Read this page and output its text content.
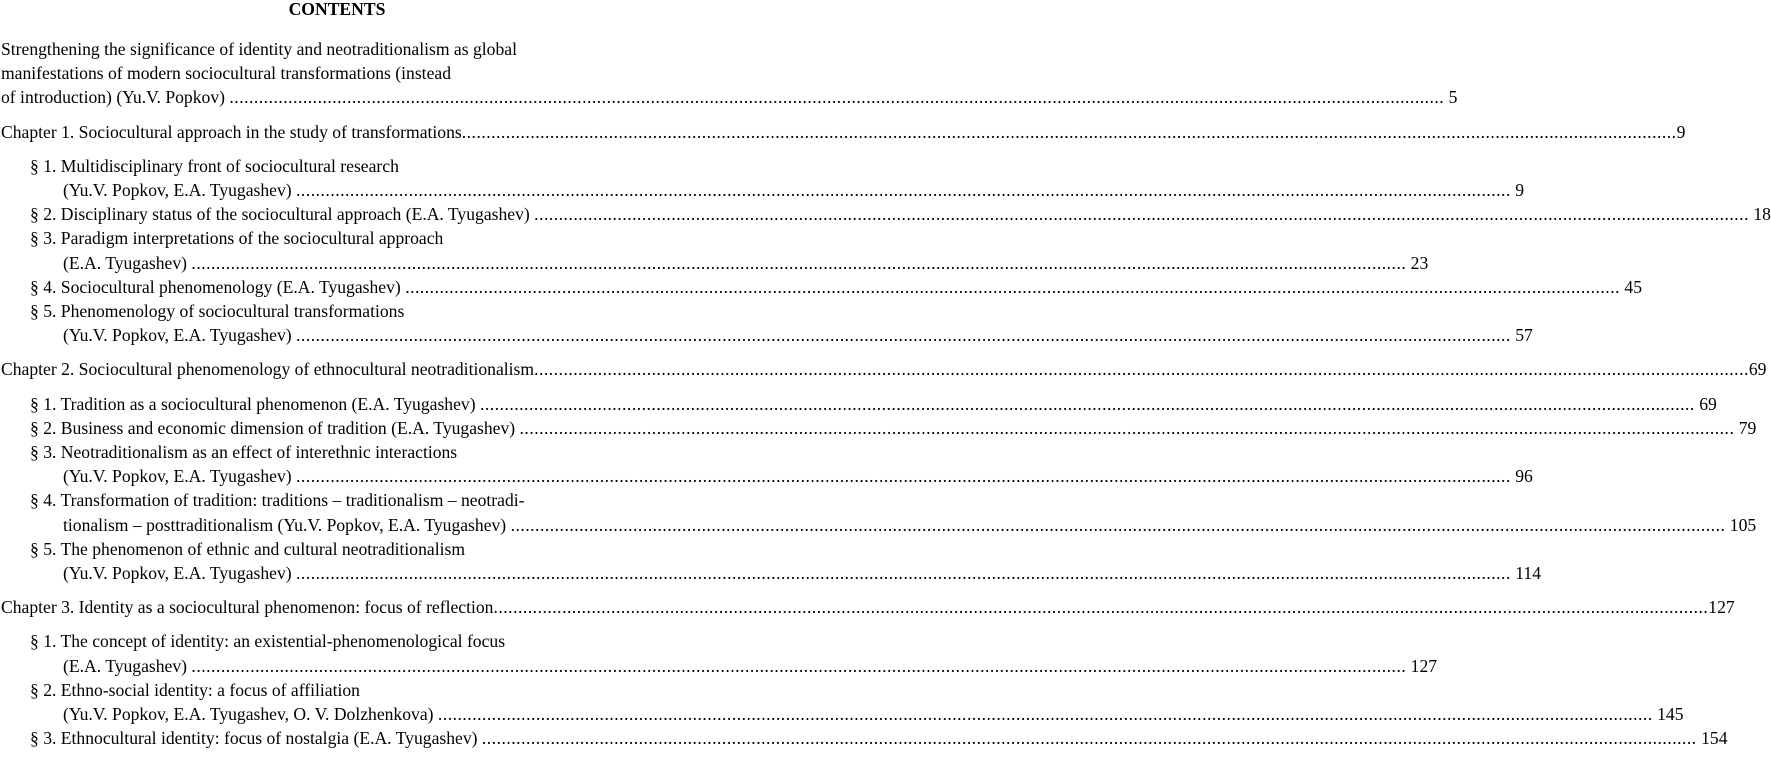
CONTENTS
Strengthening the significance of identity and neotraditionalism as global
manifestations of modern sociocultural transformations (instead
of introduction) (Yu.V. Popkov) .....	5
Chapter 1. Sociocultural approach in the study of transformations .....	9
§ 1. Multidisciplinary front of sociocultural research
(Yu.V. Popkov, E.A. Tyugashev) .....	9
§ 2. Disciplinary status of the sociocultural approach (E.A. Tyugashev) .....	18
§ 3. Paradigm interpretations of the sociocultural approach
(E.A. Tyugashev) .....	23
§ 4. Sociocultural phenomenology (E.A. Tyugashev) .....	45
§ 5. Phenomenology of sociocultural transformations
(Yu.V. Popkov, E.A. Tyugashev) .....	57
Chapter 2. Sociocultural phenomenology of ethnocultural neotraditionalism .....	69
§ 1. Tradition as a sociocultural phenomenon (E.A. Tyugashev) .....	69
§ 2. Business and economic dimension of tradition (E.A. Tyugashev) .....	79
§ 3. Neotraditionalism as an effect of interethnic interactions
(Yu.V. Popkov, E.A. Tyugashev) .....	96
§ 4. Transformation of tradition: traditions – traditionalism – neotradi-
tionalism – posttraditionalism (Yu.V. Popkov, E.A. Tyugashev) .....	105
§ 5. The phenomenon of ethnic and cultural neotraditionalism
(Yu.V. Popkov, E.A. Tyugashev) .....	114
Chapter 3. Identity as a sociocultural phenomenon: focus of reflection .....	127
§ 1. The concept of identity: an existential-phenomenological focus
(E.A. Tyugashev) .....	127
§ 2. Ethno-social identity: a focus of affiliation
(Yu.V. Popkov, E.A. Tyugashev, O. V. Dolzhenkova) .....	145
§ 3. Ethnocultural identity: focus of nostalgia (E.A. Tyugashev) .....	154
